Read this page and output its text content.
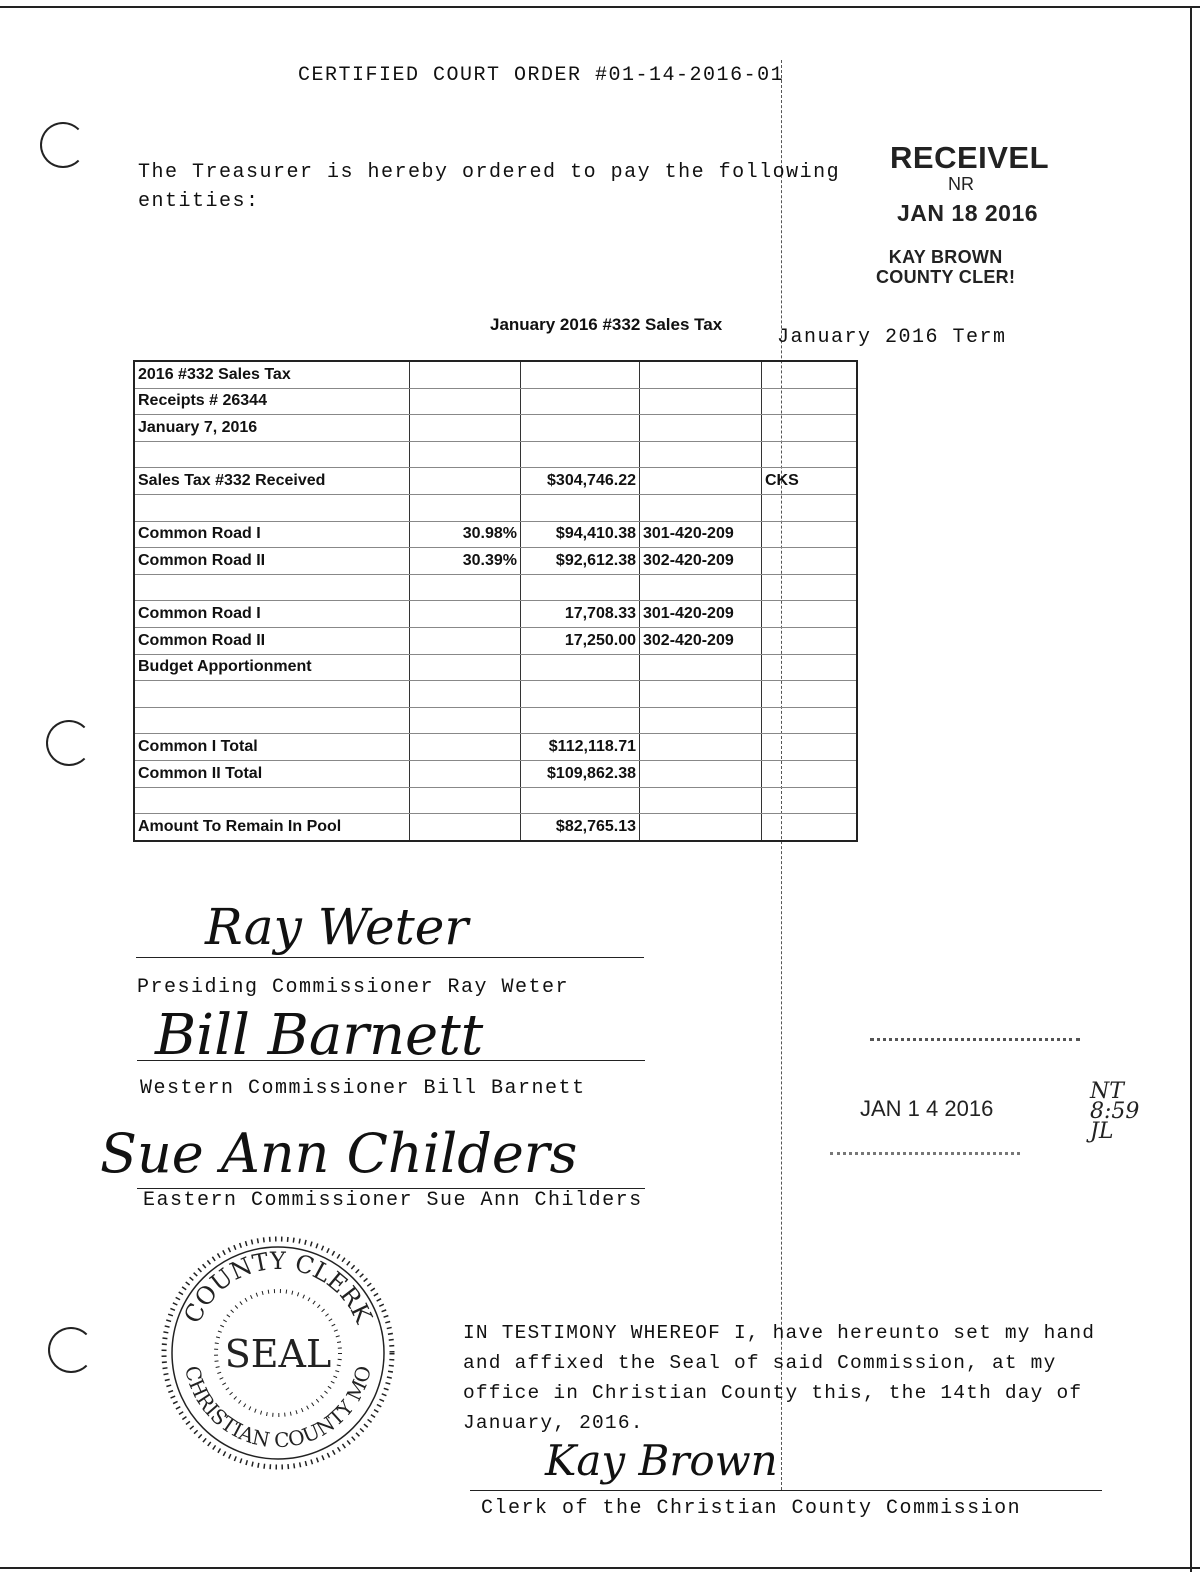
CERTIFIED COURT ORDER #01-14-2016-01
The Treasurer is hereby ordered to pay the following
entities:
January 2016 Term
January 2016 #332 Sales Tax
RECEIVEL
NR
JAN 18 2016
KAY BROWN
COUNTY CLER!
2016 #332 Sales Tax				
Receipts # 26344				
January 7, 2016				

Sales Tax #332 Received		$304,746.22		CKS

Common Road I	30.98%	$94,410.38	301-420-209	
Common Road II	30.39%	$92,612.38	302-420-209	

Common Road I		17,708.33	301-420-209	
Common Road II		17,250.00	302-420-209	
Budget Apportionment				

Common I Total		$112,118.71		
Common II Total		$109,862.38		

Amount To Remain In Pool		$82,765.13		
Ray Weter
Presiding Commissioner Ray Weter
Bill Barnett
Western Commissioner Bill Barnett
Sue Ann Childers
Eastern Commissioner Sue Ann Childers
JAN 1 4 2016
NT
8:59
JL
COUNTY CLERK
CHRISTIAN COUNTY MO
SEAL	IN TESTIMONY WHEREOF I, have hereunto set my hand
and affixed the Seal of said Commission, at my
office in Christian County this, the 14th day of
January, 2016.
Kay Brown
Clerk of the Christian County Commission
